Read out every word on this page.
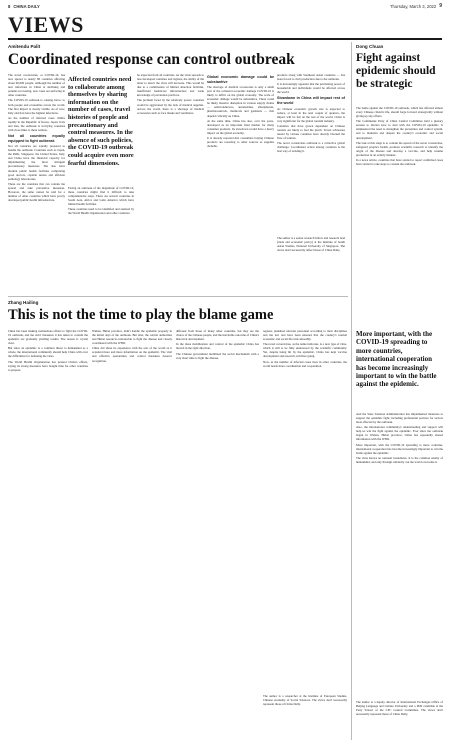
8 CHINA DAILY	Thursday, March 3, 2022 9
VIEWS
Amitendu Palit
Coordinated response can control outbreak

The novel coronavirus, or COVID-19, has now spread to nearly 80 countries affecting about 90,000 people. Although the number of new infections in China is declining and patients recovering, new cases are surfacing in other countries.

The COVID-19 outbreak is causing havoc to both people and economies across the world. The first impact is clearly visible. As of now, Italy and Iran have the highest infections.

As the number of infected cases climbs rapidly in the Republic of Korea, Japan, Italy and Iran, the outbreak is worrying countries with close links to these nations.

Not all countries equally equipped to fight outbreak

Not all countries are equally prepared to handle the outbreak. Countries such as Japan, the ROK, Singapore, the United States, Italy, and China have the financial capacity for implementing the most stringent precautionary measures. The also have modern public health facilities comprising good doctors, capable nurses and efficient pathology laboratories.

These are the countries that can contain the spread and take preventive measures. However, the same cannot be said for a number of other countries which have poorly developed public health infrastructure.

Affected countries need to collaborate among themselves by sharing information on the number of cases, travel histories of people and precautionary and control measures. In the absence of such policies, the COVID-19 outbreak could acquire even more fearful dimensions.

Facing an outbreak of the magnitude of COVID-19, these countries might find it difficult to take comprehensive steps. There are several countries in South Asia, Africa and Latin America which have limited health facilities.

These countries need to be identified and assisted by the World Health Organization and other countries.

be expected from all countries. As the virus spreads to less developed countries and regions, the ability of the latter to detect the virus will decrease. This would be due to a combination of limited detection facilities, insufficient healthcare infrastructure and weak knowledge of prevention practices.

The problem faced by the relatively poorer countries would be aggravated by the lack of medical supplies. Across the world, there is a shortage of medical accessories such as face masks and ventilators.

Global economic damage could be substantive

The shortage of medical accessories is only a small part of the collateral economic damage COVID-19 is likely to inflict on the global economy. The scale of economic damage would be substantive. There could be likely massive disruption in various supply chains — semiconductors, automobiles, smartphones, pharmaceuticals, chemicals and garments — that depend critically on China.

At the same time, China has also, over the years, developed as an important final market for many consumer products. Its slowdown would have a heavy impact on the global economy.

It is already reported that consumers buying Chinese products are resorting to other sources as supplies dwindle.

products along with Southeast Asian countries — has been forced to curb production due to the outbreak.

It is increasingly apparent that the purchasing power of households and individuals would be affected across the world.

Slowdown in China will impact rest of the world

As Chinese economic growth rate is expected to reduce, at least in the next couple of quarters, the impact will be felt on the rest of the world. China is very significant for the global tourism industry.

Countries that have grown dependent on Chinese tourists are likely to feel the pinch. Travel advisories issued by various countries have already blocked the flow of tourists.

The novel coronavirus outbreak is a collective global challenge. Coordinated action among countries is the best way of tackling it.

The author is a senior research fellow and research lead (trade and economic policy) at the Institute of South Asian Studies, National University of Singapore. The views don't necessarily reflect those of China Daily.
Zhang Hailing
This is not the time to play the blame game

China has been making tremendous efforts to fight the COVID-19 outbreak, and the strict measures it has taken to contain the epidemic are gradually yielding results. The reason is crystal clear.

But since an epidemic is a common threat to humankind as a whole, the international community should help China with over the difficulties for defeating the virus.

The World Health Organization has praised China's efforts, saying its strong measures have bought time for other countries to prepare.

Wuhan, Hubei province, didn't handle the epidemic properly in the initial days of the outbreak. But later, the central authorities and Hubei resources nationwide to fight the disease and closely coordinated with the WHO.

China did share its experience with the rest of the world as it acquired more and more information on the epidemic. The vital and effective quarantines and control measures deserve recognition.

different from those of many other countries, but they are the choice of the Chinese people, and the inevitable outcome of China's historical development.

In the mass mobilization and control of the epidemic China has moved in the right direction.

The Chinese government mobilized the social mechanism with a very short time to fight the disease.

regions, punished relevant personnel according to their disciplines and the law and have been ensured that the country's normal economic and social life runs smoothly.

The novel coronavirus, as the name indicates, is a new type of virus, which is still to be fully understood by the scientific community. Yet, despite being hit by the epidemic, China has kept vaccine development and research activities going.

Now, as the number of infected cases rises in other countries, the world needs more coordination and cooperation.

The author is a researcher at the Institute of European Studies, Chinese Academy of Social Sciences. The views don't necessarily represent those of China Daily.
Dong Chuan
Fight against epidemic should be strategic

The battle against the COVID-19 outbreak, which has affected almost every Chinese citizen's life, should forge forward strategically without giving up any efforts.

The Communist Party of China Central Committee held a plenary session to discuss how to deal with the COVID-19 epidemic. It emphasized the need to strengthen the prevention and control system, and to maintain and deepen the country's economic and social development.

The task at this stage is to contain the spread of the novel coronavirus, safeguard people's health, promote scientific research to identify the origin of the disease and develop a vaccine, and help resume production in an orderly manner.

In a news article, countries that have started to report confirmed cases have started to take steps to contain the outbreak.

More important, with the COVID-19 spreading to more countries, international cooperation has become increasingly important to win the battle against the epidemic.

And the State Taxation Administration has implemented measures to support the epidemic fight, including preferential policies for sectors most affected by the outbreak.

Also, the international community's understanding and support will help us win the fight against the epidemic. Ever since the outbreak began in Wuhan, Hubei province, China has repeatedly shared information with the WHO.

More important, with the COVID-19 spreading to more countries, international cooperation has become increasingly important to win the battle against the epidemic.

The virus knows no national boundaries. It is the common enemy of humankind, and only through solidarity can the world overcome it.

The author is a deputy director of International Exchanges Office of Beijing Language and Culture University and a PhD candidate at the Party School of the CPC Central Committee. The views don't necessarily represent those of China Daily.
